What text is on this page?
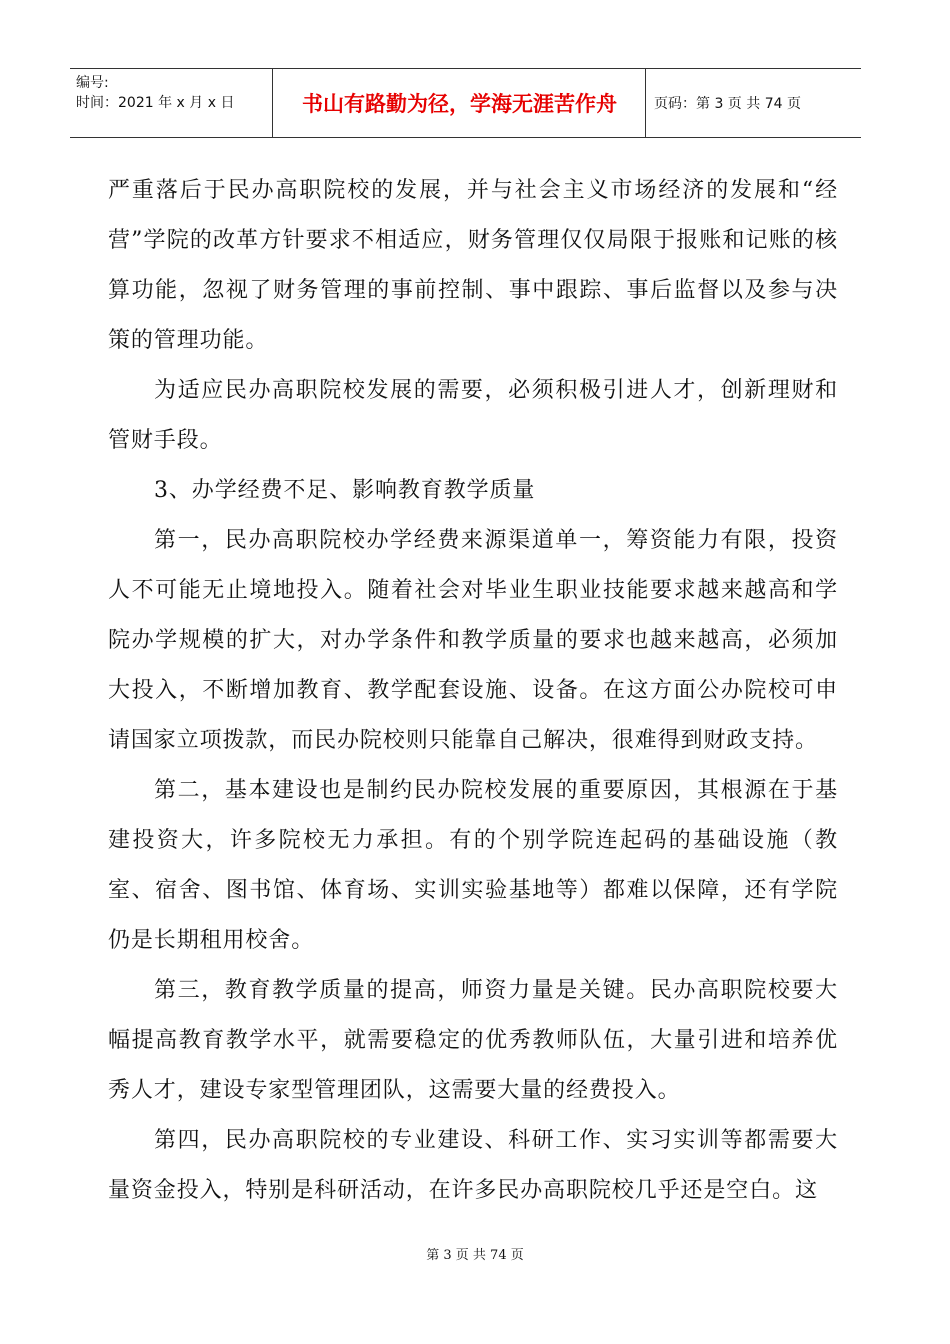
编号:
时间：2021 年 x 月 x 日	书山有路勤为径，学海无涯苦作舟	页码：第 3 页 共 74 页

严重落后于民办高职院校的发展，并与社会主义市场经济的发展和“经营”学院的改革方针要求不相适应，财务管理仅仅局限于报账和记账的核算功能，忽视了财务管理的事前控制、事中跟踪、事后监督以及参与决策的管理功能。

为适应民办高职院校发展的需要，必须积极引进人才，创新理财和管财手段。

3、办学经费不足、影响教育教学质量

第一，民办高职院校办学经费来源渠道单一，筹资能力有限，投资人不可能无止境地投入。随着社会对毕业生职业技能要求越来越高和学院办学规模的扩大，对办学条件和教学质量的要求也越来越高，必须加大投入，不断增加教育、教学配套设施、设备。在这方面公办院校可申请国家立项拨款，而民办院校则只能靠自己解决，很难得到财政支持。

第二，基本建设也是制约民办院校发展的重要原因，其根源在于基建投资大，许多院校无力承担。有的个别学院连起码的基础设施（教室、宿舍、图书馆、体育场、实训实验基地等）都难以保障，还有学院仍是长期租用校舍。

第三，教育教学质量的提高，师资力量是关键。民办高职院校要大幅提高教育教学水平，就需要稳定的优秀教师队伍，大量引进和培养优秀人才，建设专家型管理团队，这需要大量的经费投入。

第四，民办高职院校的专业建设、科研工作、实习实训等都需要大量资金投入，特别是科研活动，在许多民办高职院校几乎还是空白。这

第 3 页 共 74 页
